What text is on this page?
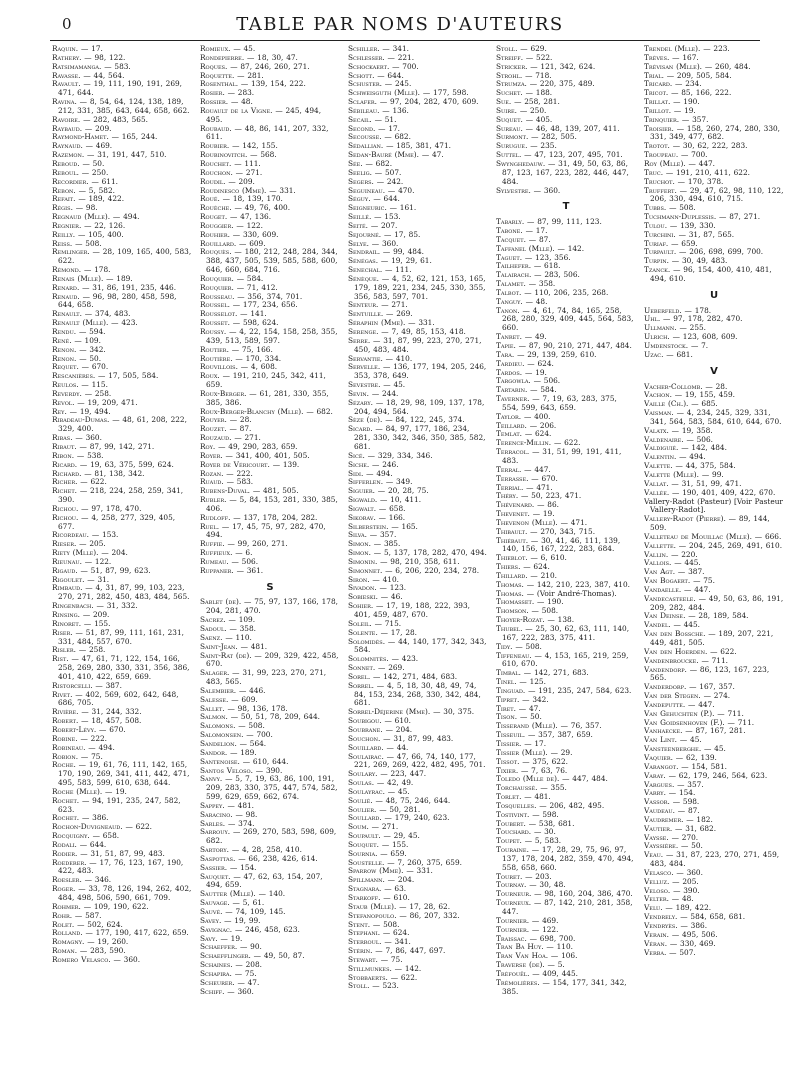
0	TABLE PAR NOMS D'AUTEURS
Raquin. — 17.
Rathery. — 98, 122.
Ratsimamanga. — 583.
Ravasse. — 44, 564.
Ravault. — 19, 111, 190, 191, 269, 471, 644.
Ravina. — 8, 54, 64, 124, 138, 189, 212, 331, 385, 643, 644, 658, 662.
Ravoire. — 282, 483, 565.
Raybaud. — 209.
Raymond-Hamet. — 165, 244.
Raynaud. — 469.
Razemon. — 31, 191, 447, 510.
Reboud. — 50.
Reboul. — 250.
Recordier. — 611.
Rebon. — 5, 582.
Refait. — 189, 422.
Régis. — 98.
Regnaud (Mlle). — 494.
Regnier. — 22, 126.
Reilly. — 105, 400.
Reiss. — 508.
Remlinger. — 28, 109, 165, 400, 583, 622.
Rémond. — 178.
Renais (Mlle). — 189.
Renard. — 31, 86, 191, 235, 446.
Renaud. — 96, 98, 280, 458, 598, 644, 658.
Renault. — 374, 483.
Renault (Mlle). — 423.
Rendu. — 594.
René. — 109.
Renon. — 342.
Renon. — 50.
Requet. — 670.
Rescanières. — 17, 505, 584.
Reulos. — 115.
Reverdy. — 258.
Revol. — 19, 209, 471.
Rey. — 19, 494.
Ribadeau-Dumas. — 48, 61, 208, 222, 329, 400.
Ribas. — 360.
Ribaut. — 87, 99, 142, 271.
Ribon. — 538.
Ricard. — 19, 63, 375, 599, 624.
Richard. — 81, 138, 342.
Richer. — 622.
Richet. — 218, 224, 258, 259, 341, 390.
Richou. — 97, 178, 470.
Richou. — 4, 258, 277, 329, 405, 677.
Ricordeau. — 153.
Rieser. — 205.
Riety (Mlle). — 204.
Rieunau. — 122.
Rigaud. — 51, 87, 99, 623.
Rigoulet. — 31.
Rimbaud. — 4, 31, 87, 99, 103, 223, 270, 271, 282, 450, 483, 484, 565.
Ringenbach. — 31, 332.
Rinsing. — 209.
Rinoret. — 155.
Riser. — 51, 87, 99, 111, 161, 231, 331, 484, 557, 670.
Risler. — 258.
Rist. — 47, 61, 71, 122, 154, 166, 258, 269, 280, 330, 331, 356, 386, 401, 410, 422, 659, 669.
Ristorcelli. — 387.
Rivet. — 402, 569, 602, 642, 648, 686, 705.
Rivière. — 31, 244, 332.
Robert. — 18, 457, 508.
Robert-Lévy. — 670.
Robine. — 222.
Robineau. — 494.
Robion. — 75.
Roche. — 19, 61, 76, 111, 142, 165, 170, 190, 269, 341, 411, 442, 471, 495, 583, 599, 610, 638, 644.
Roche (Mlle). — 19.
Rochet. — 94, 191, 235, 247, 582, 623.
Rochet. — 386.
Rochon-Duvigneaud. — 622.
Rocquigny. — 658.
Rodali. — 644.
Rodier. — 31, 51, 87, 99, 483.
Roederer. — 17, 76, 123, 167, 190, 422, 483.
Roesler. — 346.
Roger. — 33, 78, 126, 194, 262, 402, 484, 498, 506, 590, 661, 709.
Rohmer. — 109, 190, 622.
Rohr. — 587.
Rolet. — 502, 624.
Rolland. — 177, 190, 417, 622, 659.
Romagny. — 19, 260.
Roman. — 283, 590.
Romero Velasco. — 360.
Romieux. — 45.
Rondepierre. — 18, 30, 47.
Roques. — 87, 246, 260, 271.
Roquette. — 281.
Rosenthal. — 139, 154, 222.
Rosier. — 283.
Rossier. — 48.
Rouault de la Vigne. — 245, 494, 495.
Roubaud. — 48, 86, 141, 207, 332, 611.
Roubier. — 142, 155.
Roubinovitch. — 568.
Rouchet. — 111.
Rouchon. — 271.
Roudil. — 209.
Roudinesco (Mme). — 331.
Roué. — 18, 139, 170.
Rouèche. — 49, 76, 400.
Rouget. — 47, 136.
Rouggier. — 122.
Rouhier. — 330, 609.
Rouillard. — 609.
Rouquès. — 180, 212, 248, 284, 344, 388, 437, 505, 539, 585, 588, 600, 646, 660, 684, 716.
Rouquier. — 584.
Rouquier. — 71, 412.
Rousseau. — 356, 374, 701.
Roussel. — 177, 234, 656.
Rousselot. — 141.
Rousset. — 598, 624.
Roussy. — 4, 22, 154, 158, 258, 355, 439, 513, 589, 597.
Routier. — 75, 166.
Routière. — 170, 334.
Rouvillois. — 4, 608.
Roux. — 191, 210, 245, 342, 411, 659.
Roux-Berger. — 61, 281, 330, 355, 385, 386.
Roux-Berger-Blanchy (Mlle). — 682.
Rouyer. — 28.
Rouzet. — 87.
Rouzaud. — 271.
Roy. — 49, 290, 283, 659.
Royer. — 341, 400, 401, 505.
Royer de Véricourt. — 139.
Rozan. — 222.
Ruaud. — 583.
Rubens-Duval. — 481, 505.
Rubler. — 5, 84, 153, 281, 330, 385, 406.
Rudloff. — 137, 178, 204, 282.
Ruel. — 17, 45, 75, 97, 282, 470, 494.
Ruffie. — 99, 260, 271.
Ruffieux. — 6.
Rumeau. — 506.
Ruppaner. — 361.
S
Sablet (de). — 75, 97, 137, 166, 178, 204, 281, 470.
Sacrez. — 109.
Sadoul. — 358.
Saenz. — 110.
Saint-Jean. — 481.
Saint-Rat (de). — 209, 329, 422, 458, 670.
Salager. — 31, 99, 223, 270, 271, 483, 565.
Salembier. — 446.
Salesse. — 609.
Sallet. — 98, 136, 178.
Salmon. — 50, 51, 78, 209, 644.
Salomons. — 508.
Salomonsen. — 700.
Sandelion. — 564.
Sandor. — 189.
Santenoise. — 610, 644.
Santos Veloso. — 390.
Sanvy. — 5, 7, 19, 63, 86, 100, 191, 209, 283, 330, 375, 447, 574, 582, 599, 629, 659, 662, 674.
Sappey. — 481.
Saracino. — 98.
Sarles. — 374.
Sarrouy. — 269, 270, 583, 598, 609, 682.
Sartory. — 4, 28, 258, 410.
Saspottas. — 66, 238, 426, 614.
Sassier. — 154.
Sauquet. — 47, 62, 63, 154, 207, 494, 659.
Sautter (Mlle). — 140.
Sauvage. — 5, 61.
Sauvé. — 74, 109, 145.
Savey. — 19, 99.
Savignac. — 246, 458, 623.
Savy. — 19.
Schaeffer. — 90.
Schaefflinger. — 49, 50, 87.
Schaines. — 208.
Schapira. — 75.
Scheurer. — 47.
Schiff. — 360.
Schiller. — 341.
Schlesser. — 221.
Schockaert. — 700.
Schott. — 644.
Schuster. — 245.
Schweisguth (Mlle). — 177, 598.
Sclafer. — 97, 204, 282, 470, 609.
Sébileau. — 136.
Secail. — 51.
Second. — 17.
Secousse. — 682.
Sédallian. — 185, 381, 471.
Sedan-Bauré (Mme). — 47.
Sée. — 682.
Seelig. — 507.
Segers. — 242.
Seguineau. — 470.
Séguy. — 644.
Seigneuric. — 161.
Seillé. — 153.
Seité. — 207.
Sejourné. — 17, 85.
Selye. — 360.
Sendrail. — 99, 484.
Sénégas. — 19, 29, 61.
Senechal. — 111.
Sénèque. — 4, 52, 62, 121, 153, 165, 179, 189, 221, 234, 245, 330, 355, 356, 583, 597, 701.
Senteur. — 271.
Sentuille. — 269.
Séraphin (Mme). — 331.
Serenge. — 7, 49, 85, 153, 418.
Serre. — 31, 87, 99, 223, 270, 271, 450, 483, 484.
Servantie. — 410.
Servelle. — 136, 177, 194, 205, 246, 353, 378, 649.
Sevestre. — 45.
Sevin. — 244.
Sézary. — 18, 29, 98, 109, 137, 178, 204, 494, 564.
Sèze (de). — 84, 122, 245, 374.
Sicard. — 84, 97, 177, 186, 234, 281, 330, 342, 346, 350, 385, 582, 681.
Sicé. — 329, 334, 346.
Siche. — 246.
Sidi. — 494.
Sifferlen. — 349.
Siguier. — 20, 28, 75.
Sigwald. — 10, 411.
Sigwalt. — 658.
Sikorav. — 166.
Silberstein. — 165.
Silva. — 357.
Simon. — 385.
Simon. — 5, 137, 178, 282, 470, 494.
Simonin. — 98, 210, 358, 611.
Simonnet. — 6, 206, 220, 234, 278.
Siron. — 410.
Sivadon. — 123.
Sobieski. — 46.
Sohier. — 17, 19, 188, 222, 393, 401, 459, 487, 670.
Soleil. — 715.
Solente. — 17, 28.
Solomidès. — 44, 140, 177, 342, 343, 584.
Solomnitès. — 423.
Sonnet. — 269.
Sorel. — 142, 271, 484, 683.
Sorrel. — 4, 5, 18, 30, 48, 49, 74, 84, 153, 234, 268, 330, 342, 484, 681.
Sorrel-Déjerine (Mme). — 30, 375.
Soubigou. — 610.
Soubrane. — 204.
Souchon. — 31, 87, 99, 483.
Souillard. — 44.
Soulairac. — 47, 66, 74, 140, 177, 221, 269, 269, 422, 482, 495, 701.
Soulary. — 223, 447.
Soulas. — 42, 49.
Soulayrac. — 45.
Soulié. — 48, 75, 246, 644.
Soulier. — 50, 281.
Soullard. — 179, 240, 623.
Soum. — 271.
Soupault. — 29, 45.
Souquet. — 155.
Sournia. — 659.
Soustelle. — 7, 260, 375, 659.
Sparrow (Mme). — 331.
Spillmann. — 204.
Stagnara. — 63.
Starkoff. — 610.
Staub (Mlle). — 17, 28, 62.
Stefanopoulo. — 86, 207, 332.
Stent. — 508.
Stephani. — 624.
Sterroul. — 341.
Stérin. — 7, 86, 447, 697.
Stewart. — 75.
Stillmunkes. — 142.
Stobbaerts. — 622.
Stoll. — 523.
Stoll. — 629.
Streiff. — 522.
Stricker. — 121, 342, 624.
Strohl. — 718.
Strumza. — 220, 375, 489.
Suchet. — 188.
Sue. — 258, 281.
Suire. — 250.
Suquet. — 405.
Sureau. — 46, 48, 139, 207, 411.
Surmont. — 282, 505.
Surugue. — 235.
Suttel. — 47, 123, 207, 495, 701.
Swynghedauw. — 31, 49, 50, 63, 86, 87, 123, 167, 223, 282, 446, 447, 484.
Sylvestre. — 360.
T
Tabarly. — 87, 99, 111, 123.
Tabone. — 17.
Tacquet. — 87.
Taffanel (Mlle). — 142.
Taguet. — 123, 356.
Tailhefer. — 618.
Talairach. — 283, 506.
Talamet. — 358.
Talbot. — 110, 206, 235, 268.
Tanguy. — 48.
Tanon. — 4, 61, 74, 84, 165, 258, 268, 280, 329, 409, 445, 564, 583, 660.
Tanret. — 49.
Tapie. — 87, 90, 210, 271, 447, 484.
Tara. — 29, 139, 259, 610.
Tardieu. — 624.
Tardos. — 19.
Targowla. — 506.
Tartarin. — 584.
Taverner. — 7, 19, 63, 283, 375, 554, 599, 643, 659.
Taylor. — 400.
Teillard. — 206.
Temlat. — 624.
Terence-Millin. — 622.
Terracol. — 31, 51, 99, 191, 411, 483.
Terral. — 447.
Terrasse. — 670.
Terrial. — 471.
Théry. — 50, 223, 471.
Thévenard. — 86.
Thevenet. — 19.
Thevenon (Mlle). — 471.
Thibault. — 270, 343, 715.
Thiébaut. — 30, 41, 46, 111, 139, 140, 156, 167, 222, 283, 684.
Thieblot. — 6, 610.
Thiers. — 624.
Thillard. — 210.
Thomas. — 142, 210, 223, 387, 410.
Thomas. — (Voir André-Thomas).
Thomasset. — 190.
Thomson. — 508.
Thoyer-Rozat. — 138.
Thubel. — 25, 30, 62, 63, 111, 140, 167, 222, 283, 375, 411.
Tidy. — 508.
Tiffeneau. — 4, 153, 165, 219, 259, 610, 670.
Timbal. — 142, 271, 683.
Tinel. — 125.
Tinguad. — 191, 235, 247, 584, 623.
Tipret. — 342.
Tiret. — 47.
Tison. — 50.
Tisserand (Mlle). — 76, 357.
Tisseuil. — 357, 387, 659.
Tissier. — 17.
Tissier (Mlle). — 29.
Tissot. — 375, 622.
Tixier. — 7, 63, 76.
Toledo (Mlle de). — 447, 484.
Torchaussé. — 355.
Torlet. — 481.
Tosquelles. — 206, 482, 495.
Tostivint. — 598.
Toubert. — 538, 681.
Touchard. — 30.
Toupet. — 5, 583.
Touraine. — 17, 28, 29, 75, 96, 97, 137, 178, 204, 282, 359, 470, 494, 558, 658, 660.
Touret. — 203.
Tournay. — 30, 48.
Tourneur. — 98, 160, 204, 386, 470.
Tourneux. — 87, 142, 210, 281, 358, 447.
Tournier. — 469.
Tournier. — 122.
Traissac. — 698, 700.
Tran Ba Huy. — 110.
Tran Van Hoa. — 106.
Traverse (de). — 5.
Tréfouël. — 409, 445.
Trémolières. — 154, 177, 341, 342, 385.
Trendel (Mlle). — 223.
Trèves. — 167.
Trévisan (Mlle). — 260, 484.
Trial. — 209, 505, 584.
Tricard. — 234.
Tricot. — 85, 166, 222.
Trillat. — 190.
Trillot. — 19.
Trinquier. — 357.
Troisier. — 158, 260, 274, 280, 330, 331, 349, 477, 682.
Trotot. — 30, 62, 222, 283.
Troupeau. — 700.
Roy (Mlle). — 447.
Truc. — 191, 210, 411, 622.
Truchot. — 170, 378.
Truffert. — 29, 47, 62, 98, 110, 122, 206, 330, 494, 610, 715.
Tubbs. — 508.
Tuchmann-Duplessis. — 87, 271.
Tulou. — 139, 330.
Turchini. — 31, 87, 565.
Turiaf. — 659.
Turpault. — 206, 698, 699, 700.
Turpin. — 30, 49, 483.
Tzanck. — 96, 154, 400, 410, 481, 494, 610.
U
Ueberfeld. — 178.
Uhl. — 97, 178, 282, 470.
Ullmann. — 255.
Ulrich. — 123, 608, 609.
Umdenstock. — 7.
Uzac. — 681.
V
Vacher-Collomb. — 28.
Vachon. — 19, 155, 459.
Vaille (Ch.). — 685.
Vaisman. — 4, 234, 245, 329, 331, 341, 564, 583, 584, 610, 644, 670.
Valatx. — 19, 358.
Valdenaire. — 506.
Valdiguié. — 142, 484.
Valentin. — 494.
Valette. — 44, 375, 584.
Valette (Mlle). — 99.
Vallat. — 31, 51, 99, 471.
Vallée. — 190, 401, 409, 422, 670.
Vallery-Radot (Pasteur) [Voir Pasteur Vallery-Radot].
Vallery-Radot (Pierre). — 89, 144, 509.
Valleteau de Mouillac (Mlle). — 666.
Vallette. — 204, 245, 269, 491, 610.
Vallin. — 220.
Vallois. — 445.
Van Agt. — 387.
Van Bogaert. — 75.
Vandaelle. — 447.
Vandecasteele. — 49, 50, 63, 86, 191, 209, 282, 484.
Van Deinse. — 28, 189, 584.
Vandel. — 445.
Van den Bossche. — 189, 207, 221, 449, 481, 505.
Van den Hoerden. — 622.
Vandenbroucke. — 711.
Vandendorp. — 86, 123, 167, 223, 565.
Vanderdorp. — 167, 357.
Van der Stegen. — 274.
Vandeputte. — 447.
Van Gehuchten (P.). — 711.
Van Goidsenhoven (F.). — 711.
Vanhaecke. — 87, 167, 281.
Van Lint. — 45.
Vansteenberghe. — 45.
Vaquier. — 62, 139.
Varangot. — 154, 581.
Varay. — 62, 179, 246, 564, 623.
Vargues. — 357.
Varry. — 154.
Vassor. — 598.
Vaudeau. — 87.
Vaudremer. — 182.
Vautier. — 31, 682.
Vaysse. — 270.
Vayssière. — 50.
Veau. — 31, 87, 223, 270, 271, 459, 483, 484.
Velasco. — 360.
Velluz. — 205.
Veloso. — 390.
Velter. — 48.
Velu. — 189, 422.
Vendrely. — 584, 658, 681.
Vendryès. — 386.
Verain. — 495, 506.
Véran. — 330, 469.
Verba. — 507.
